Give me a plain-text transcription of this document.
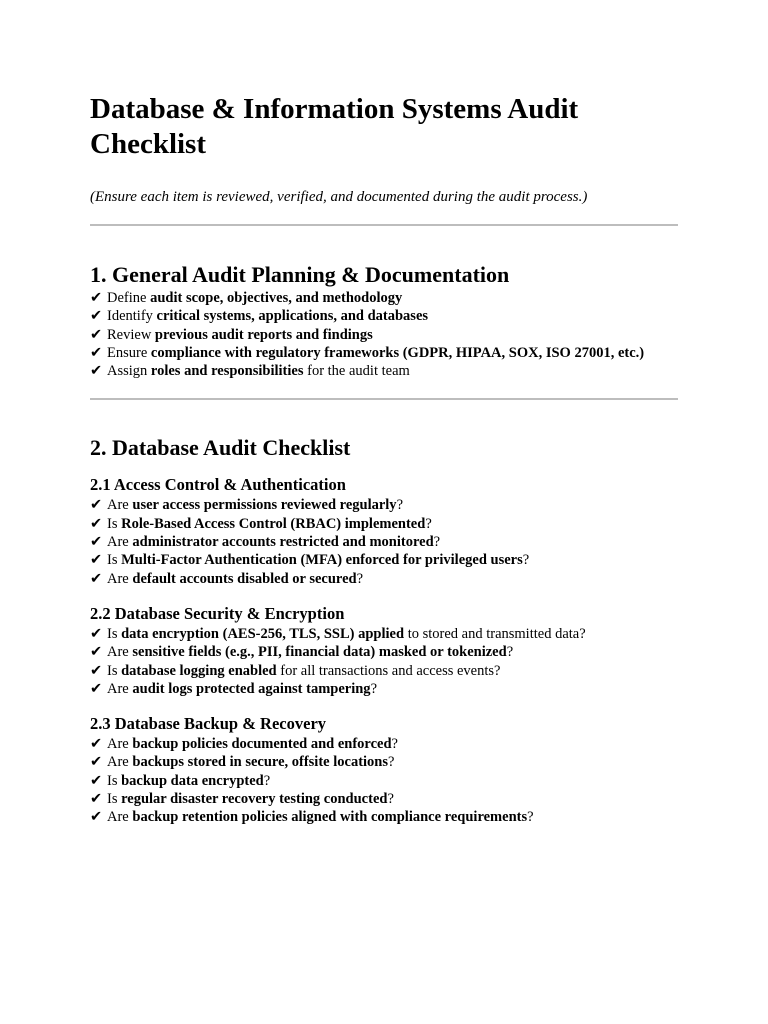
Database & Information Systems Audit Checklist

(Ensure each item is reviewed, verified, and documented during the audit process.)

1. General Audit Planning & Documentation
✔ Define audit scope, objectives, and methodology
✔ Identify critical systems, applications, and databases
✔ Review previous audit reports and findings
✔ Ensure compliance with regulatory frameworks (GDPR, HIPAA, SOX, ISO 27001, etc.)
✔ Assign roles and responsibilities for the audit team
2. Database Audit Checklist
2.1 Access Control & Authentication
✔ Are user access permissions reviewed regularly?
✔ Is Role-Based Access Control (RBAC) implemented?
✔ Are administrator accounts restricted and monitored?
✔ Is Multi-Factor Authentication (MFA) enforced for privileged users?
✔ Are default accounts disabled or secured?
2.2 Database Security & Encryption
✔ Is data encryption (AES-256, TLS, SSL) applied to stored and transmitted data?
✔ Are sensitive fields (e.g., PII, financial data) masked or tokenized?
✔ Is database logging enabled for all transactions and access events?
✔ Are audit logs protected against tampering?
2.3 Database Backup & Recovery
✔ Are backup policies documented and enforced?
✔ Are backups stored in secure, offsite locations?
✔ Is backup data encrypted?
✔ Is regular disaster recovery testing conducted?
✔ Are backup retention policies aligned with compliance requirements?
